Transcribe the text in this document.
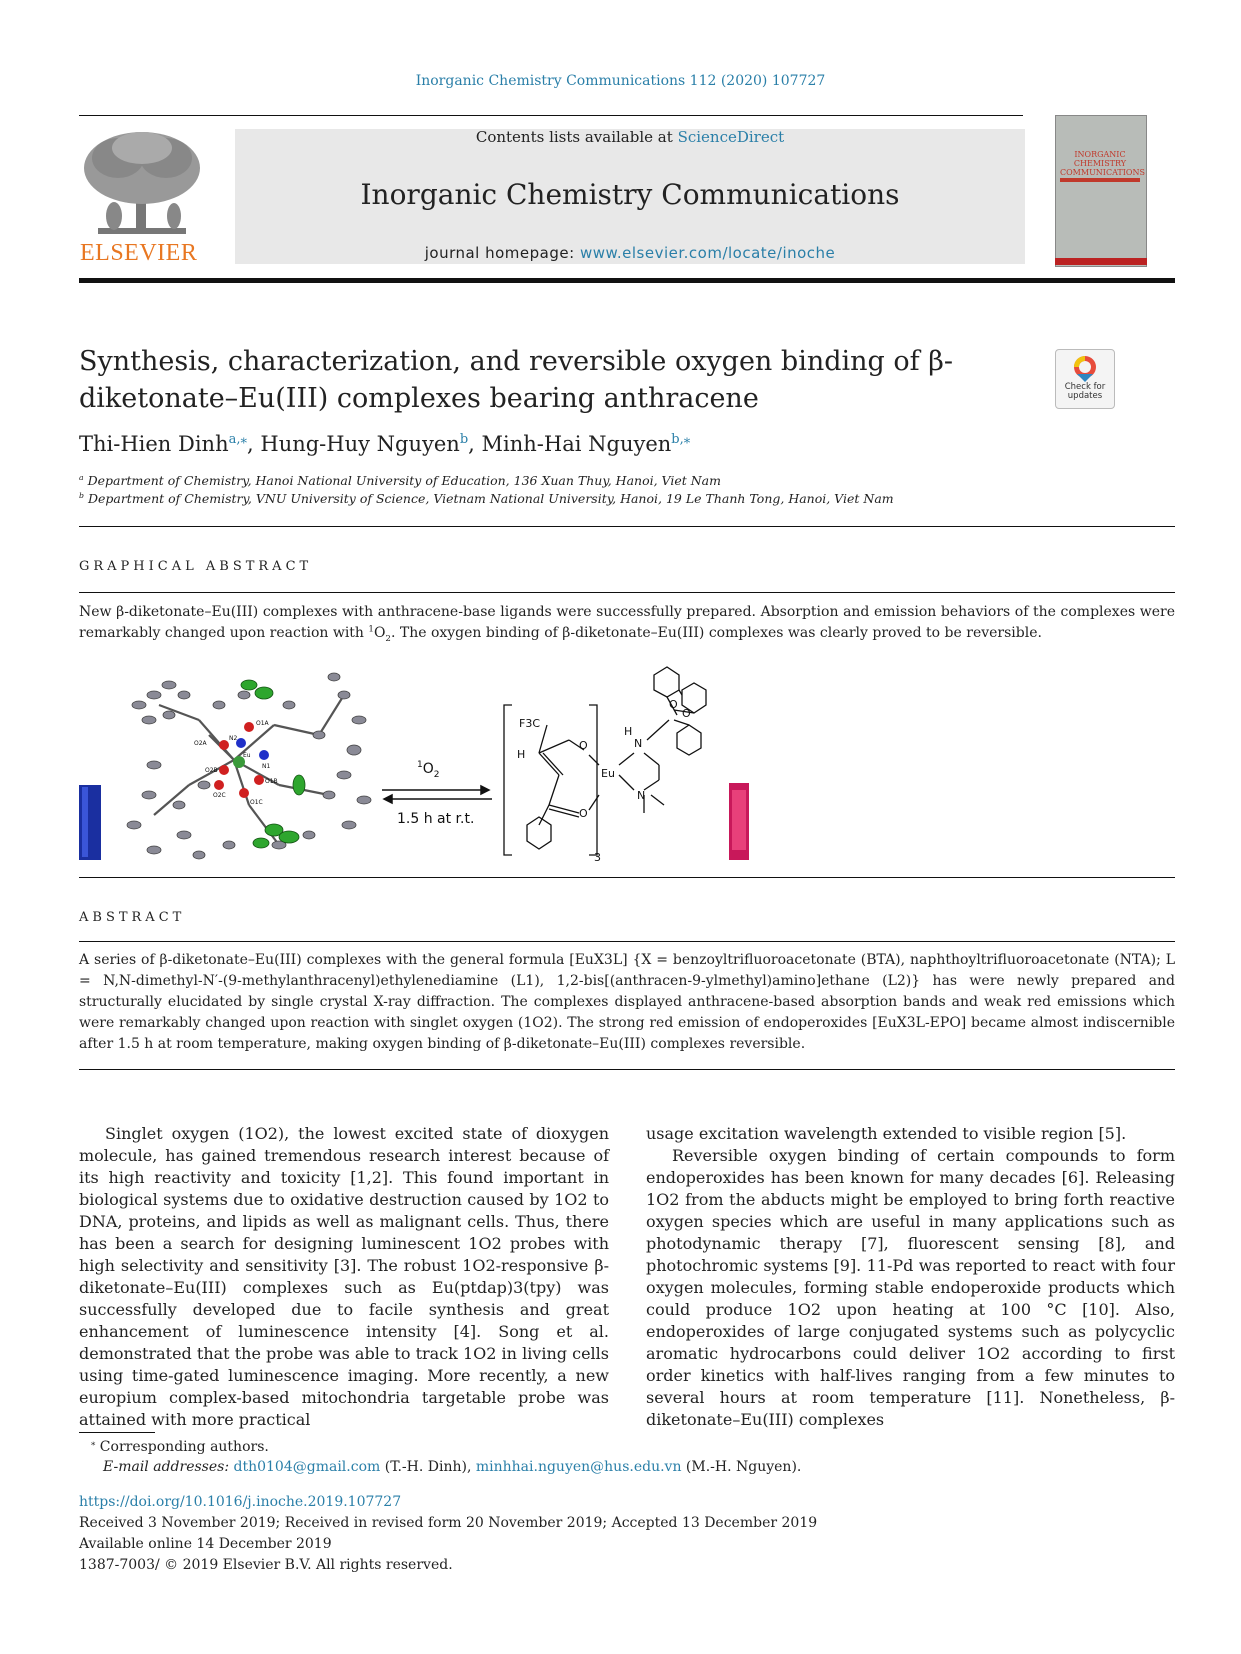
Inorganic Chemistry Communications 112 (2020) 107727
ELSEVIER
Contents lists available at ScienceDirect
Inorganic Chemistry Communications
journal homepage: www.elsevier.com/locate/inoche
INORGANIC CHEMISTRY COMMUNICATIONS
Synthesis, characterization, and reversible oxygen binding of β-diketonate–Eu(III) complexes bearing anthracene	Check for
updates
Thi-Hien Dinh$^{a,⁎}$, Hung-Huy Nguyen$^b$, Minh-Hai Nguyen$^{b,⁎}$
$^a$ Department of Chemistry, Hanoi National University of Education, 136 Xuan Thuy, Hanoi, Viet Nam
$^b$ Department of Chemistry, VNU University of Science, Vietnam National University, Hanoi, 19 Le Thanh Tong, Hanoi, Viet Nam
GRAPHICAL ABSTRACT
New β-diketonate–Eu(III) complexes with anthracene-base ligands were successfully prepared. Absorption and emission behaviors of the complexes were remarkably changed upon reaction with $^1O_2$. The oxygen binding of β-diketonate–Eu(III) complexes was clearly proved to be reversible.
O1A
N2
O2A
N1
O2B
O1B
O2C
O1C
Eu
$^1O_2$
1.5 h at r.t.
F3C
H
O
O
Eu
H
N
N
O
O
3
ABSTRACT
A series of β-diketonate–Eu(III) complexes with the general formula [EuX3L] {X = benzoyltrifluoroacetonate (BTA), naphthoyltrifluoroacetonate (NTA); L = N,N-dimethyl-N′-(9-methylanthracenyl)ethylenediamine (L1), 1,2-bis[(anthracen-9-ylmethyl)amino]ethane (L2)} has were newly prepared and structurally elucidated by single crystal X-ray diffraction. The complexes displayed anthracene-based absorption bands and weak red emissions which were remarkably changed upon reaction with singlet oxygen (1O2). The strong red emission of endoperoxides [EuX3L-EPO] became almost indiscernible after 1.5 h at room temperature, making oxygen binding of β-diketonate–Eu(III) complexes reversible.
Singlet oxygen (1O2), the lowest excited state of dioxygen molecule, has gained tremendous research interest because of its high reactivity and toxicity [1,2]. This found important in biological systems due to oxidative destruction caused by 1O2 to DNA, proteins, and lipids as well as malignant cells. Thus, there has been a search for designing luminescent 1O2 probes with high selectivity and sensitivity [3]. The robust 1O2-responsive β-diketonate–Eu(III) complexes such as Eu(ptdap)3(tpy) was successfully developed due to facile synthesis and great enhancement of luminescence intensity [4]. Song et al. demonstrated that the probe was able to track 1O2 in living cells using time-gated luminescence imaging. More recently, a new europium complex-based mitochondria targetable probe was attained with more practical
usage excitation wavelength extended to visible region [5].
Reversible oxygen binding of certain compounds to form endoperoxides has been known for many decades [6]. Releasing 1O2 from the abducts might be employed to bring forth reactive oxygen species which are useful in many applications such as photodynamic therapy [7], fluorescent sensing [8], and photochromic systems [9]. 11-Pd was reported to react with four oxygen molecules, forming stable endoperoxide products which could produce 1O2 upon heating at 100 °C [10]. Also, endoperoxides of large conjugated systems such as polycyclic aromatic hydrocarbons could deliver 1O2 according to first order kinetics with half-lives ranging from a few minutes to several hours at room temperature [11]. Nonetheless, β-diketonate–Eu(III) complexes
⁎ Corresponding authors.
E-mail addresses: dth0104@gmail.com (T.-H. Dinh), minhhai.nguyen@hus.edu.vn (M.-H. Nguyen).
https://doi.org/10.1016/j.inoche.2019.107727
Received 3 November 2019; Received in revised form 20 November 2019; Accepted 13 December 2019
Available online 14 December 2019
1387-7003/ © 2019 Elsevier B.V. All rights reserved.
